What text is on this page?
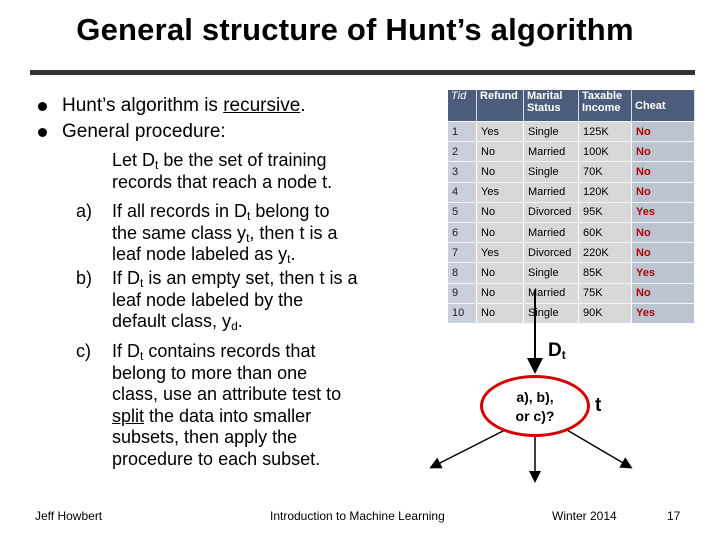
General structure of Hunt’s algorithm
Hunt’s algorithm is recursive.
General procedure:
Let $D_t$ be the set of training
records that reach a node t.
a) If all records in $D_t$ belong to
the same class $y_t$, then t is a
leaf node labeled as $y_t$.
b) If $D_t$ is an empty set, then t is a
leaf node labeled by the
default class, $y_d$.
c) If $D_t$ contains records that
belong to more than one
class, use an attribute test to
split the data into smaller
subsets, then apply the
procedure to each subset.
Tid	Refund	Marital Status	Taxable Income	Cheat
1	Yes	Single	125K	No
2	No	Married	100K	No
3	No	Single	70K	No
4	Yes	Married	120K	No
5	No	Divorced	95K	Yes
6	No	Married	60K	No
7	Yes	Divorced	220K	No
8	No	Single	85K	Yes
9	No	Married	75K	No
10	No	Single	90K	Yes
$D_t$
a), b),
or c)?	t
Jeff Howbert	Introduction to Machine Learning	Winter 2014	17
